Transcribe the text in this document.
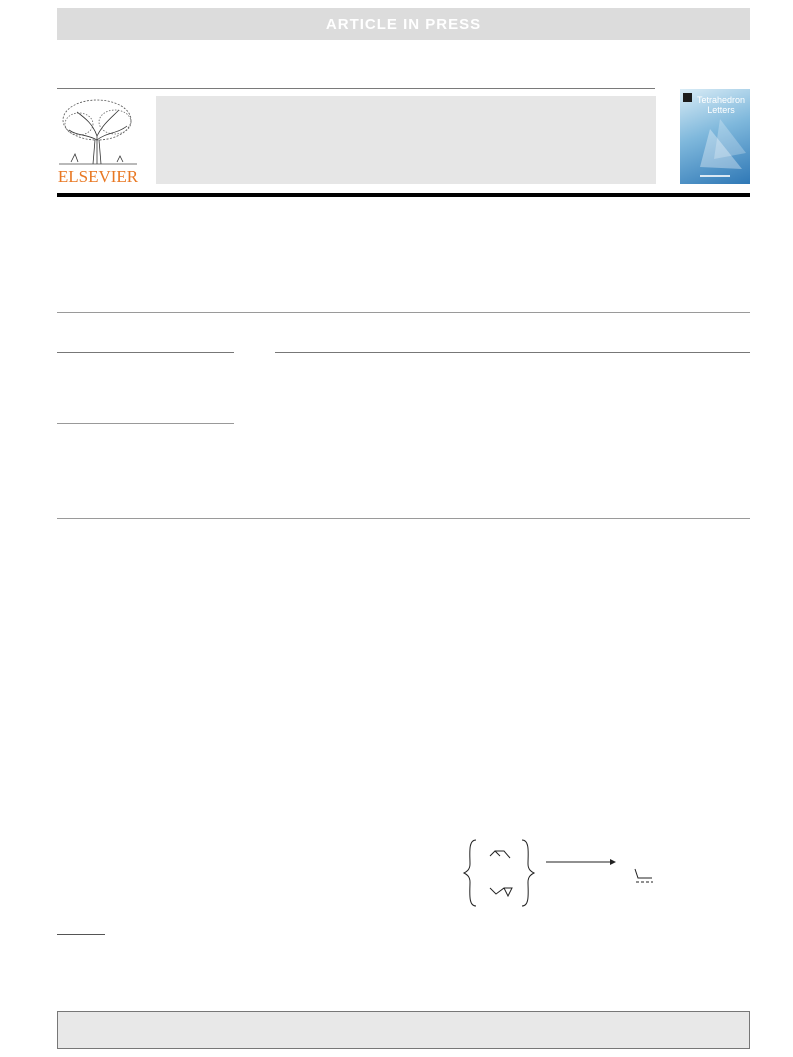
ARTICLE IN PRESS
ELSEVIER
Tetrahedron Letters
